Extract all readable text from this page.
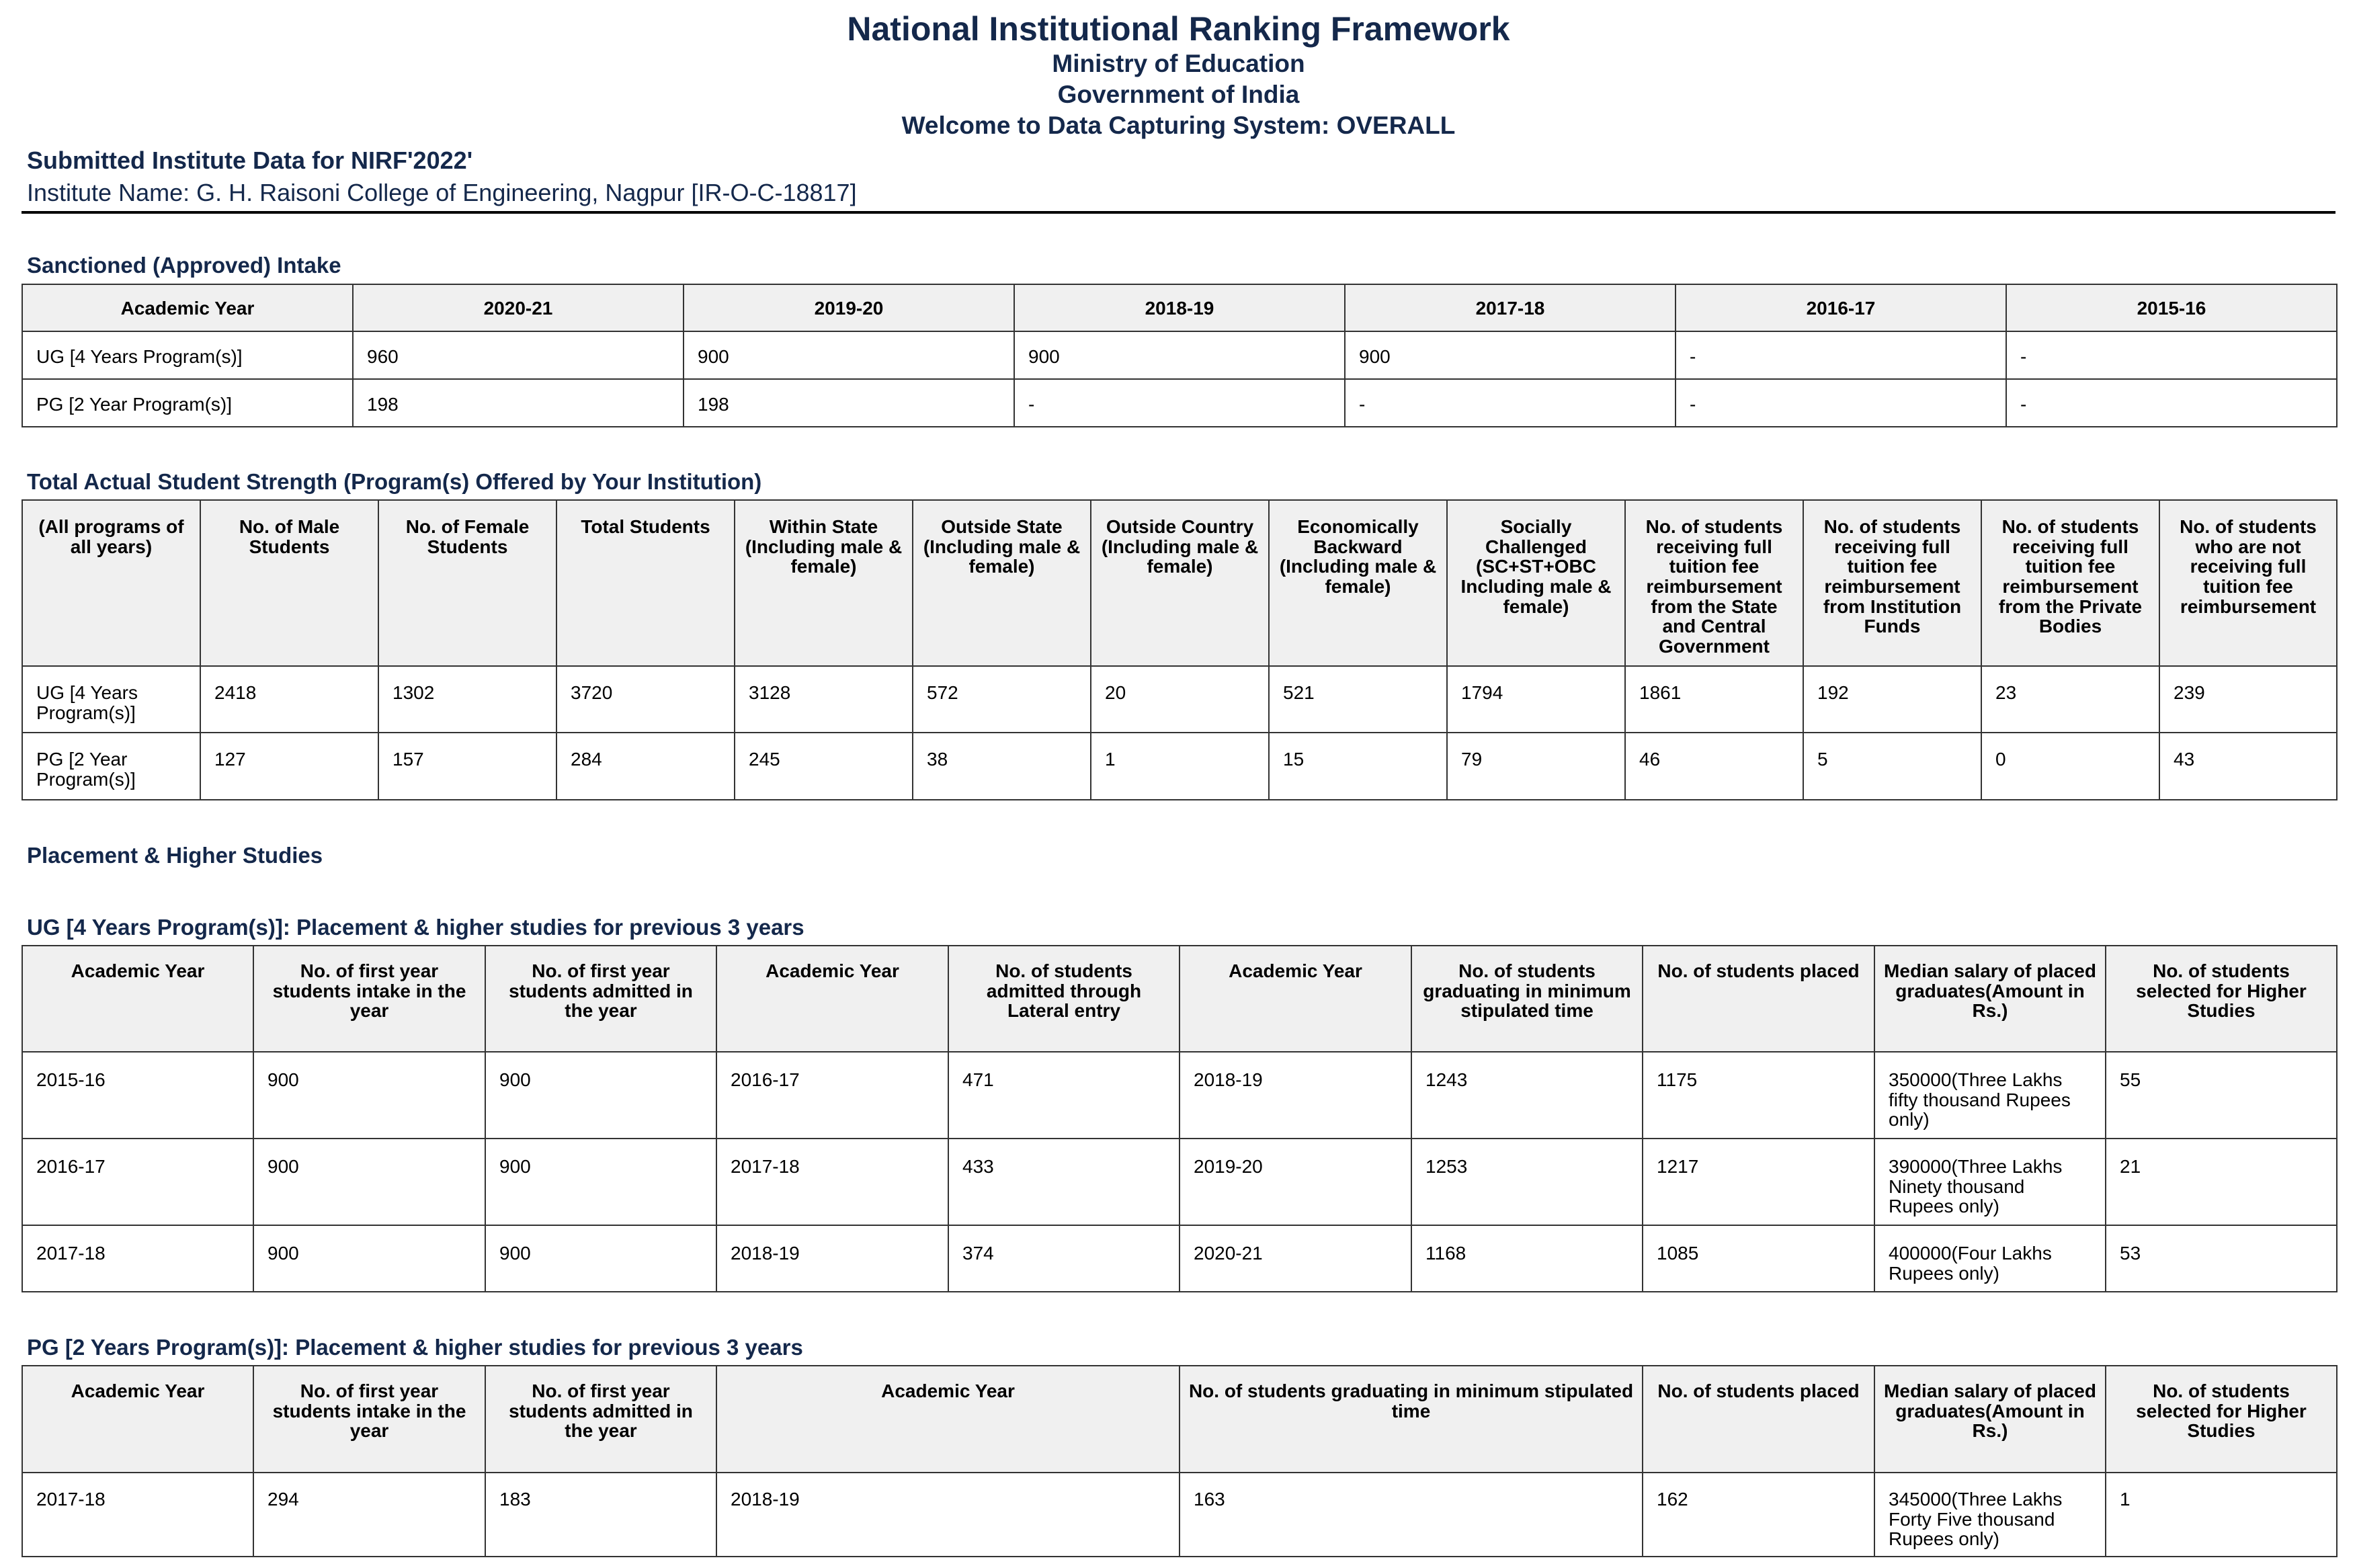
National Institutional Ranking Framework
Ministry of Education
Government of India
Welcome to Data Capturing System: OVERALL
Submitted Institute Data for NIRF'2022'
Institute Name: G. H. Raisoni College of Engineering, Nagpur [IR-O-C-18817]
Sanctioned (Approved) Intake
Academic Year	2020-21	2019-20	2018-19	2017-18	2016-17	2015-16
UG [4 Years Program(s)]	960	900	900	900	-	-
PG [2 Year Program(s)]	198	198	-	-	-	-
Total Actual Student Strength (Program(s) Offered by Your Institution)
(All programs of all years)	No. of Male Students	No. of Female Students	Total Students	Within State (Including male & female)	Outside State (Including male & female)	Outside Country (Including male & female)	Economically Backward (Including male & female)	Socially Challenged (SC+ST+OBC Including male & female)	No. of students receiving full tuition fee reimbursement from the State and Central Government	No. of students receiving full tuition fee reimbursement from Institution Funds	No. of students receiving full tuition fee reimbursement from the Private Bodies	No. of students who are not receiving full tuition fee reimbursement
UG [4 Years Program(s)]	2418	1302	3720	3128	572	20	521	1794	1861	192	23	239
PG [2 Year Program(s)]	127	157	284	245	38	1	15	79	46	5	0	43
Placement & Higher Studies
UG [4 Years Program(s)]: Placement & higher studies for previous 3 years
Academic Year	No. of first year students intake in the year	No. of first year students admitted in the year	Academic Year	No. of students admitted through Lateral entry	Academic Year	No. of students graduating in minimum stipulated time	No. of students placed	Median salary of placed graduates(Amount in Rs.)	No. of students selected for Higher Studies
2015-16	900	900	2016-17	471	2018-19	1243	1175	350000(Three Lakhs fifty thousand Rupees only)	55
2016-17	900	900	2017-18	433	2019-20	1253	1217	390000(Three Lakhs Ninety thousand Rupees only)	21
2017-18	900	900	2018-19	374	2020-21	1168	1085	400000(Four Lakhs Rupees only)	53
PG [2 Years Program(s)]: Placement & higher studies for previous 3 years
Academic Year	No. of first year students intake in the year	No. of first year students admitted in the year	Academic Year	No. of students graduating in minimum stipulated time	No. of students placed	Median salary of placed graduates(Amount in Rs.)	No. of students selected for Higher Studies
2017-18	294	183	2018-19	163	162	345000(Three Lakhs Forty Five thousand Rupees only)	1
